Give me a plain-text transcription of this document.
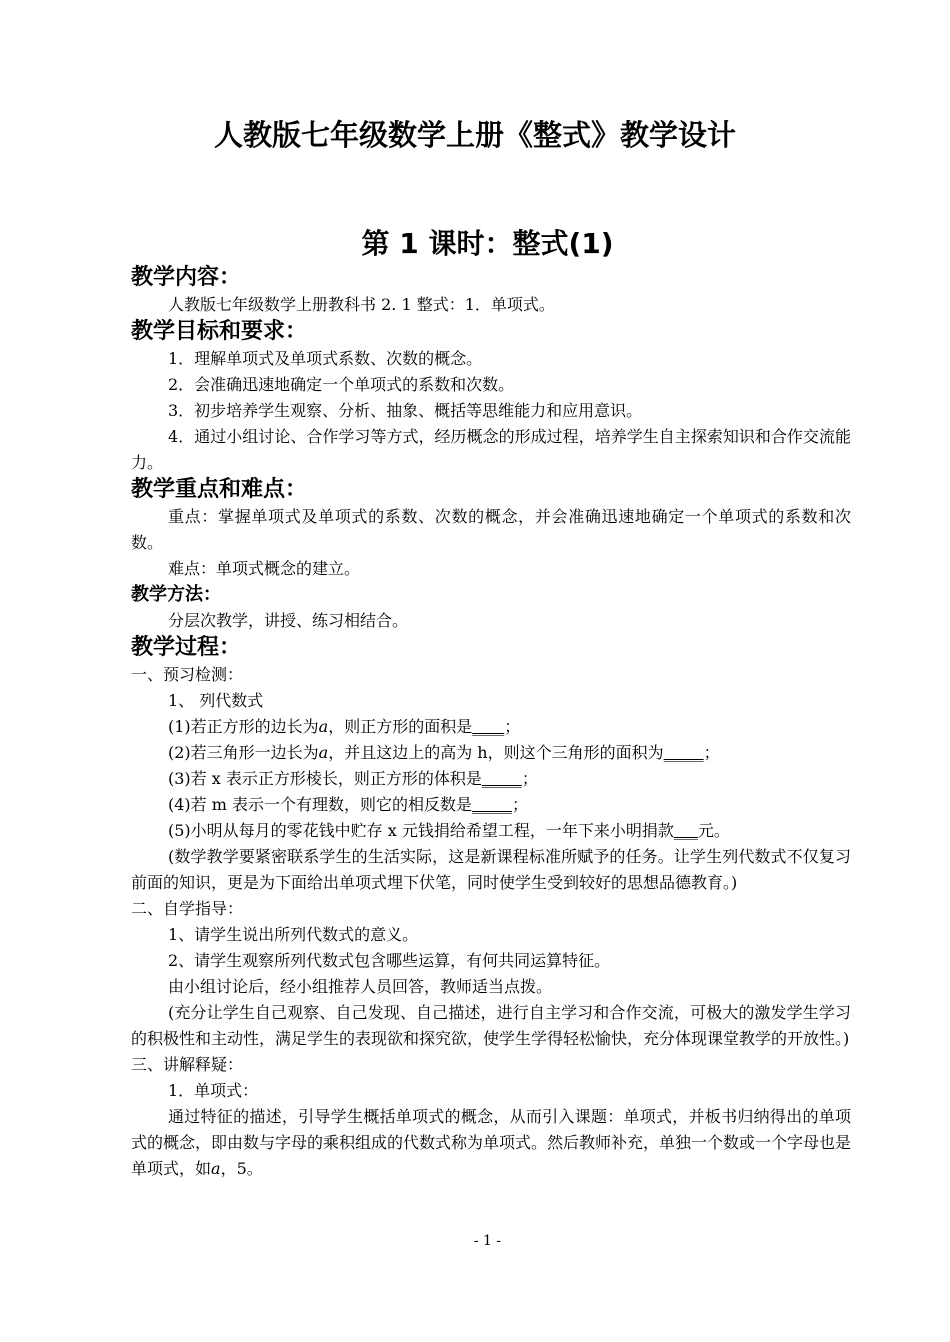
人教版七年级数学上册《整式》教学设计
第 1 课时：整式(1)

教学内容：

人教版七年级数学上册教科书 2. 1 整式：1．单项式。

教学目标和要求：

1．理解单项式及单项式系数、次数的概念。

2．会准确迅速地确定一个单项式的系数和次数。

3．初步培养学生观察、分析、抽象、概括等思维能力和应用意识。

4．通过小组讨论、合作学习等方式，经历概念的形成过程，培养学生自主探索知识和合作交流能力。

教学重点和难点：

重点：掌握单项式及单项式的系数、次数的概念，并会准确迅速地确定一个单项式的系数和次数。

难点：单项式概念的建立。

教学方法：

分层次教学，讲授、练习相结合。

教学过程：

一、预习检测：

1、 列代数式

(1)若正方形的边长为a，则正方形的面积是____；

(2)若三角形一边长为a，并且这边上的高为 h，则这个三角形的面积为_____；

(3)若 x 表示正方形棱长，则正方形的体积是_____；

(4)若 m 表示一个有理数，则它的相反数是_____；

(5)小明从每月的零花钱中贮存 x 元钱捐给希望工程，一年下来小明捐款___元。

(数学教学要紧密联系学生的生活实际，这是新课程标准所赋予的任务。让学生列代数式不仅复习前面的知识，更是为下面给出单项式埋下伏笔，同时使学生受到较好的思想品德教育。)

二、自学指导：

1、请学生说出所列代数式的意义。

2、请学生观察所列代数式包含哪些运算，有何共同运算特征。

由小组讨论后，经小组推荐人员回答，教师适当点拨。

(充分让学生自己观察、自己发现、自己描述，进行自主学习和合作交流，可极大的激发学生学习的积极性和主动性，满足学生的表现欲和探究欲，使学生学得轻松愉快，充分体现课堂教学的开放性。)

三、讲解释疑：

1．单项式：

通过特征的描述，引导学生概括单项式的概念，从而引入课题：单项式，并板书归纳得出的单项式的概念，即由数与字母的乘积组成的代数式称为单项式。然后教师补充，单独一个数或一个字母也是单项式，如a，5。

- 1 -
